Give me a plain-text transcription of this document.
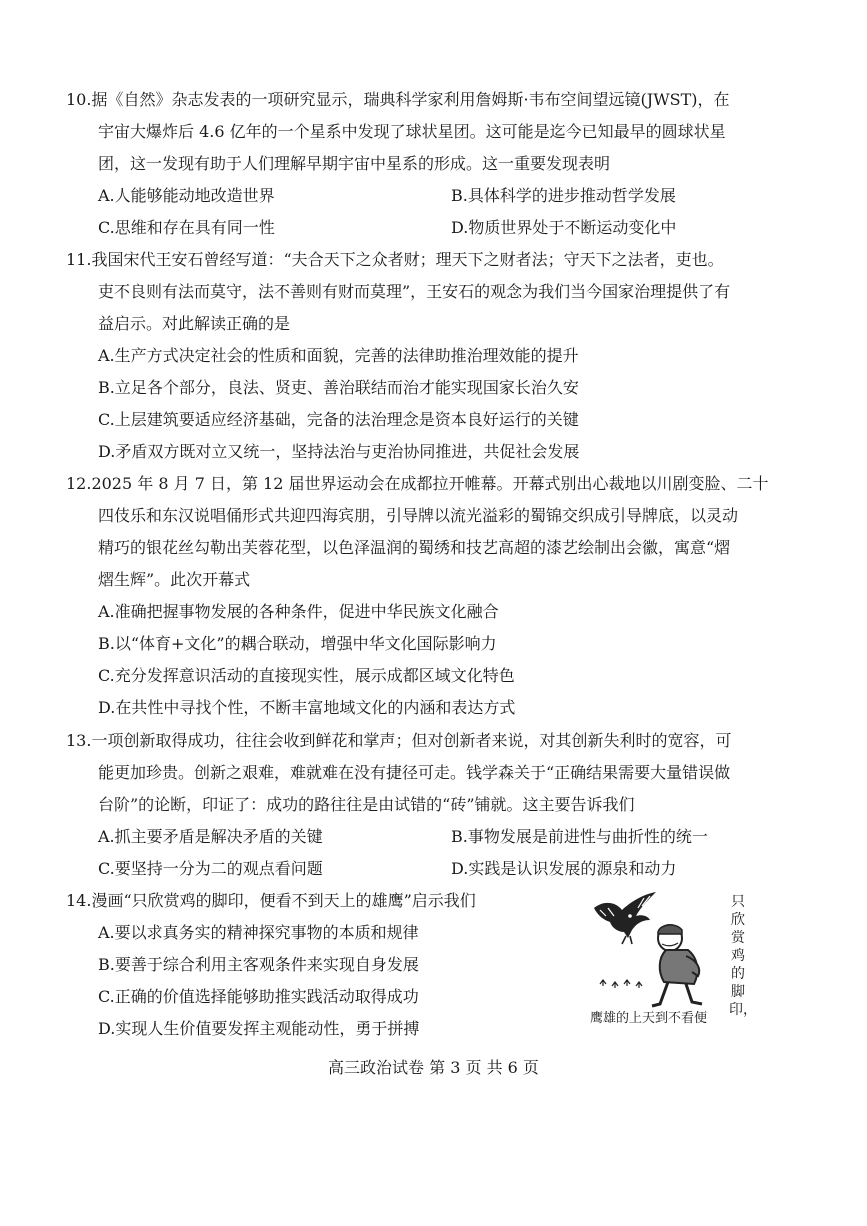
10.据《自然》杂志发表的一项研究显示，瑞典科学家利用詹姆斯·韦布空间望远镜(JWST)，在
宇宙大爆炸后 4.6 亿年的一个星系中发现了球状星团。这可能是迄今已知最早的圆球状星
团，这一发现有助于人们理解早期宇宙中星系的形成。这一重要发现表明
A.人能够能动地改造世界	B.具体科学的进步推动哲学发展
C.思维和存在具有同一性	D.物质世界处于不断运动变化中
11.我国宋代王安石曾经写道：“夫合天下之众者财；理天下之财者法；守天下之法者，吏也。
吏不良则有法而莫守，法不善则有财而莫理”，王安石的观念为我们当今国家治理提供了有
益启示。对此解读正确的是
A.生产方式决定社会的性质和面貌，完善的法律助推治理效能的提升
B.立足各个部分，良法、贤吏、善治联结而治才能实现国家长治久安
C.上层建筑要适应经济基础，完备的法治理念是资本良好运行的关键
D.矛盾双方既对立又统一，坚持法治与吏治协同推进，共促社会发展
12.2025 年 8 月 7 日，第 12 届世界运动会在成都拉开帷幕。开幕式别出心裁地以川剧变脸、二十
四伎乐和东汉说唱俑形式共迎四海宾朋，引导牌以流光溢彩的蜀锦交织成引导牌底，以灵动
精巧的银花丝勾勒出芙蓉花型，以色泽温润的蜀绣和技艺高超的漆艺绘制出会徽，寓意“熠
熠生辉”。此次开幕式
A.准确把握事物发展的各种条件，促进中华民族文化融合
B.以“体育+文化”的耦合联动，增强中华文化国际影响力
C.充分发挥意识活动的直接现实性，展示成都区域文化特色
D.在共性中寻找个性，不断丰富地域文化的内涵和表达方式
13.一项创新取得成功，往往会收到鲜花和掌声；但对创新者来说，对其创新失利时的宽容，可
能更加珍贵。创新之艰难，难就难在没有捷径可走。钱学森关于“正确结果需要大量错误做
台阶”的论断，印证了：成功的路往往是由试错的“砖”铺就。这主要告诉我们
A.抓主要矛盾是解决矛盾的关键	B.事物发展是前进性与曲折性的统一
C.要坚持一分为二的观点看问题	D.实践是认识发展的源泉和动力
14.漫画“只欣赏鸡的脚印，便看不到天上的雄鹰”启示我们
A.要以求真务实的精神探究事物的本质和规律
B.要善于综合利用主客观条件来实现自身发展
C.正确的价值选择能够助推实践活动取得成功
D.实现人生价值要发挥主观能动性，勇于拼搏
只欣赏鸡的脚印，
鹰雄的上天到不看便
高三政治试卷 第 3 页 共 6 页
